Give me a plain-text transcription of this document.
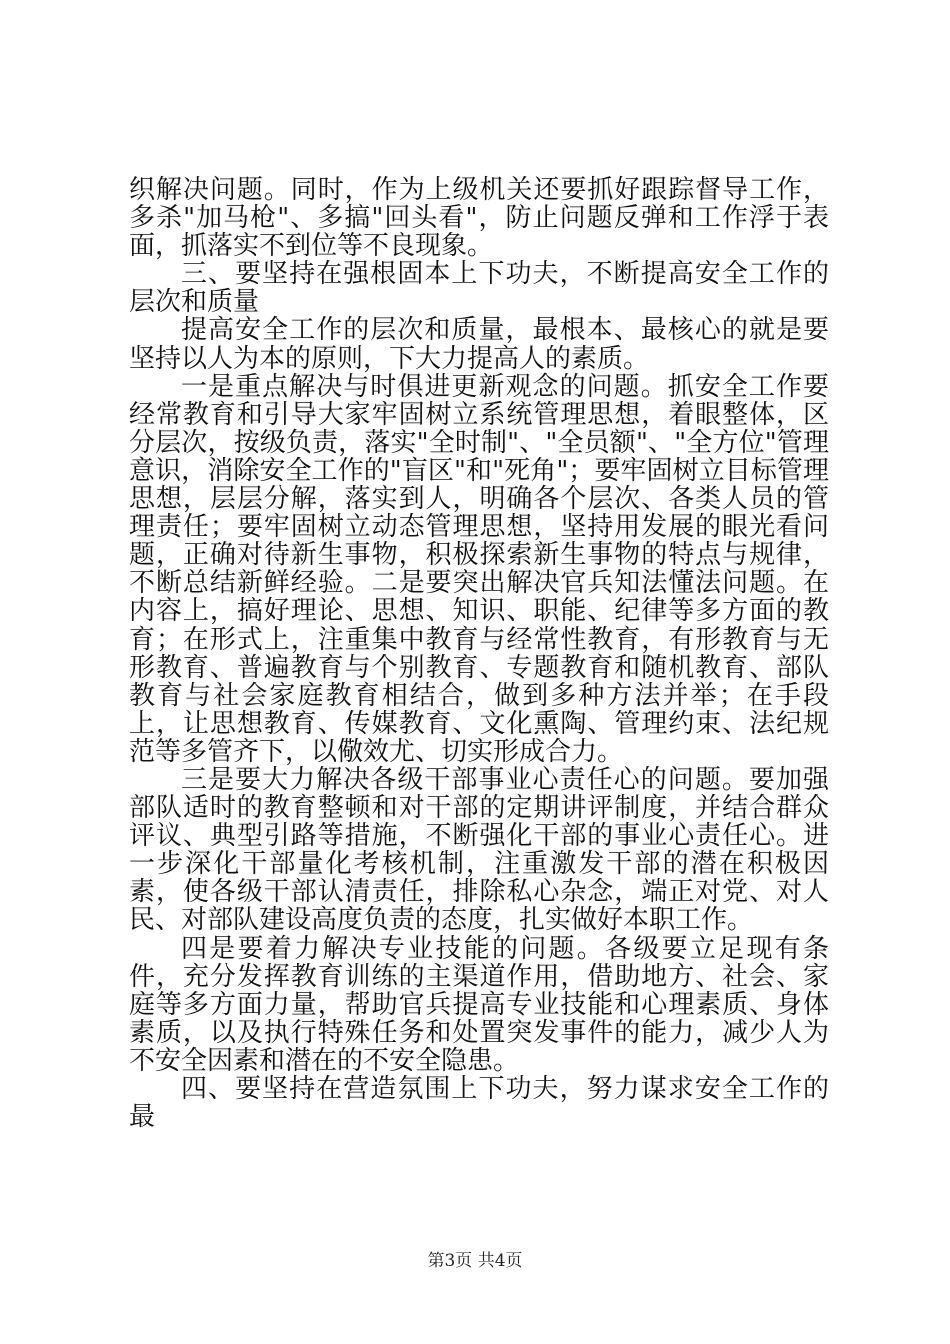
织解决问题。同时，作为上级机关还要抓好跟踪督导工作，多杀"加马枪"、多搞"回头看"，防止问题反弹和工作浮于表面，抓落实不到位等不良现象。

三、要坚持在强根固本上下功夫，不断提高安全工作的层次和质量

提高安全工作的层次和质量，最根本、最核心的就是要坚持以人为本的原则，下大力提高人的素质。

一是重点解决与时俱进更新观念的问题。抓安全工作要经常教育和引导大家牢固树立系统管理思想，着眼整体，区分层次，按级负责，落实"全时制"、"全员额"、"全方位"管理意识，消除安全工作的"盲区"和"死角"；要牢固树立目标管理思想，层层分解，落实到人，明确各个层次、各类人员的管理责任；要牢固树立动态管理思想，坚持用发展的眼光看问题，正确对待新生事物，积极探索新生事物的特点与规律，不断总结新鲜经验。二是要突出解决官兵知法懂法问题。在内容上，搞好理论、思想、知识、职能、纪律等多方面的教育；在形式上，注重集中教育与经常性教育，有形教育与无形教育、普遍教育与个别教育、专题教育和随机教育、部队教育与社会家庭教育相结合，做到多种方法并举；在手段上，让思想教育、传媒教育、文化熏陶、管理约束、法纪规范等多管齐下，以儆效尤、切实形成合力。

三是要大力解决各级干部事业心责任心的问题。要加强部队适时的教育整顿和对干部的定期讲评制度，并结合群众评议、典型引路等措施，不断强化干部的事业心责任心。进一步深化干部量化考核机制，注重激发干部的潜在积极因素，使各级干部认清责任，排除私心杂念，端正对党、对人民、对部队建设高度负责的态度，扎实做好本职工作。

四是要着力解决专业技能的问题。各级要立足现有条件，充分发挥教育训练的主渠道作用，借助地方、社会、家庭等多方面力量，帮助官兵提高专业技能和心理素质、身体素质，以及执行特殊任务和处置突发事件的能力，减少人为不安全因素和潜在的不安全隐患。

四、要坚持在营造氛围上下功夫，努力谋求安全工作的最

第3页 共4页
